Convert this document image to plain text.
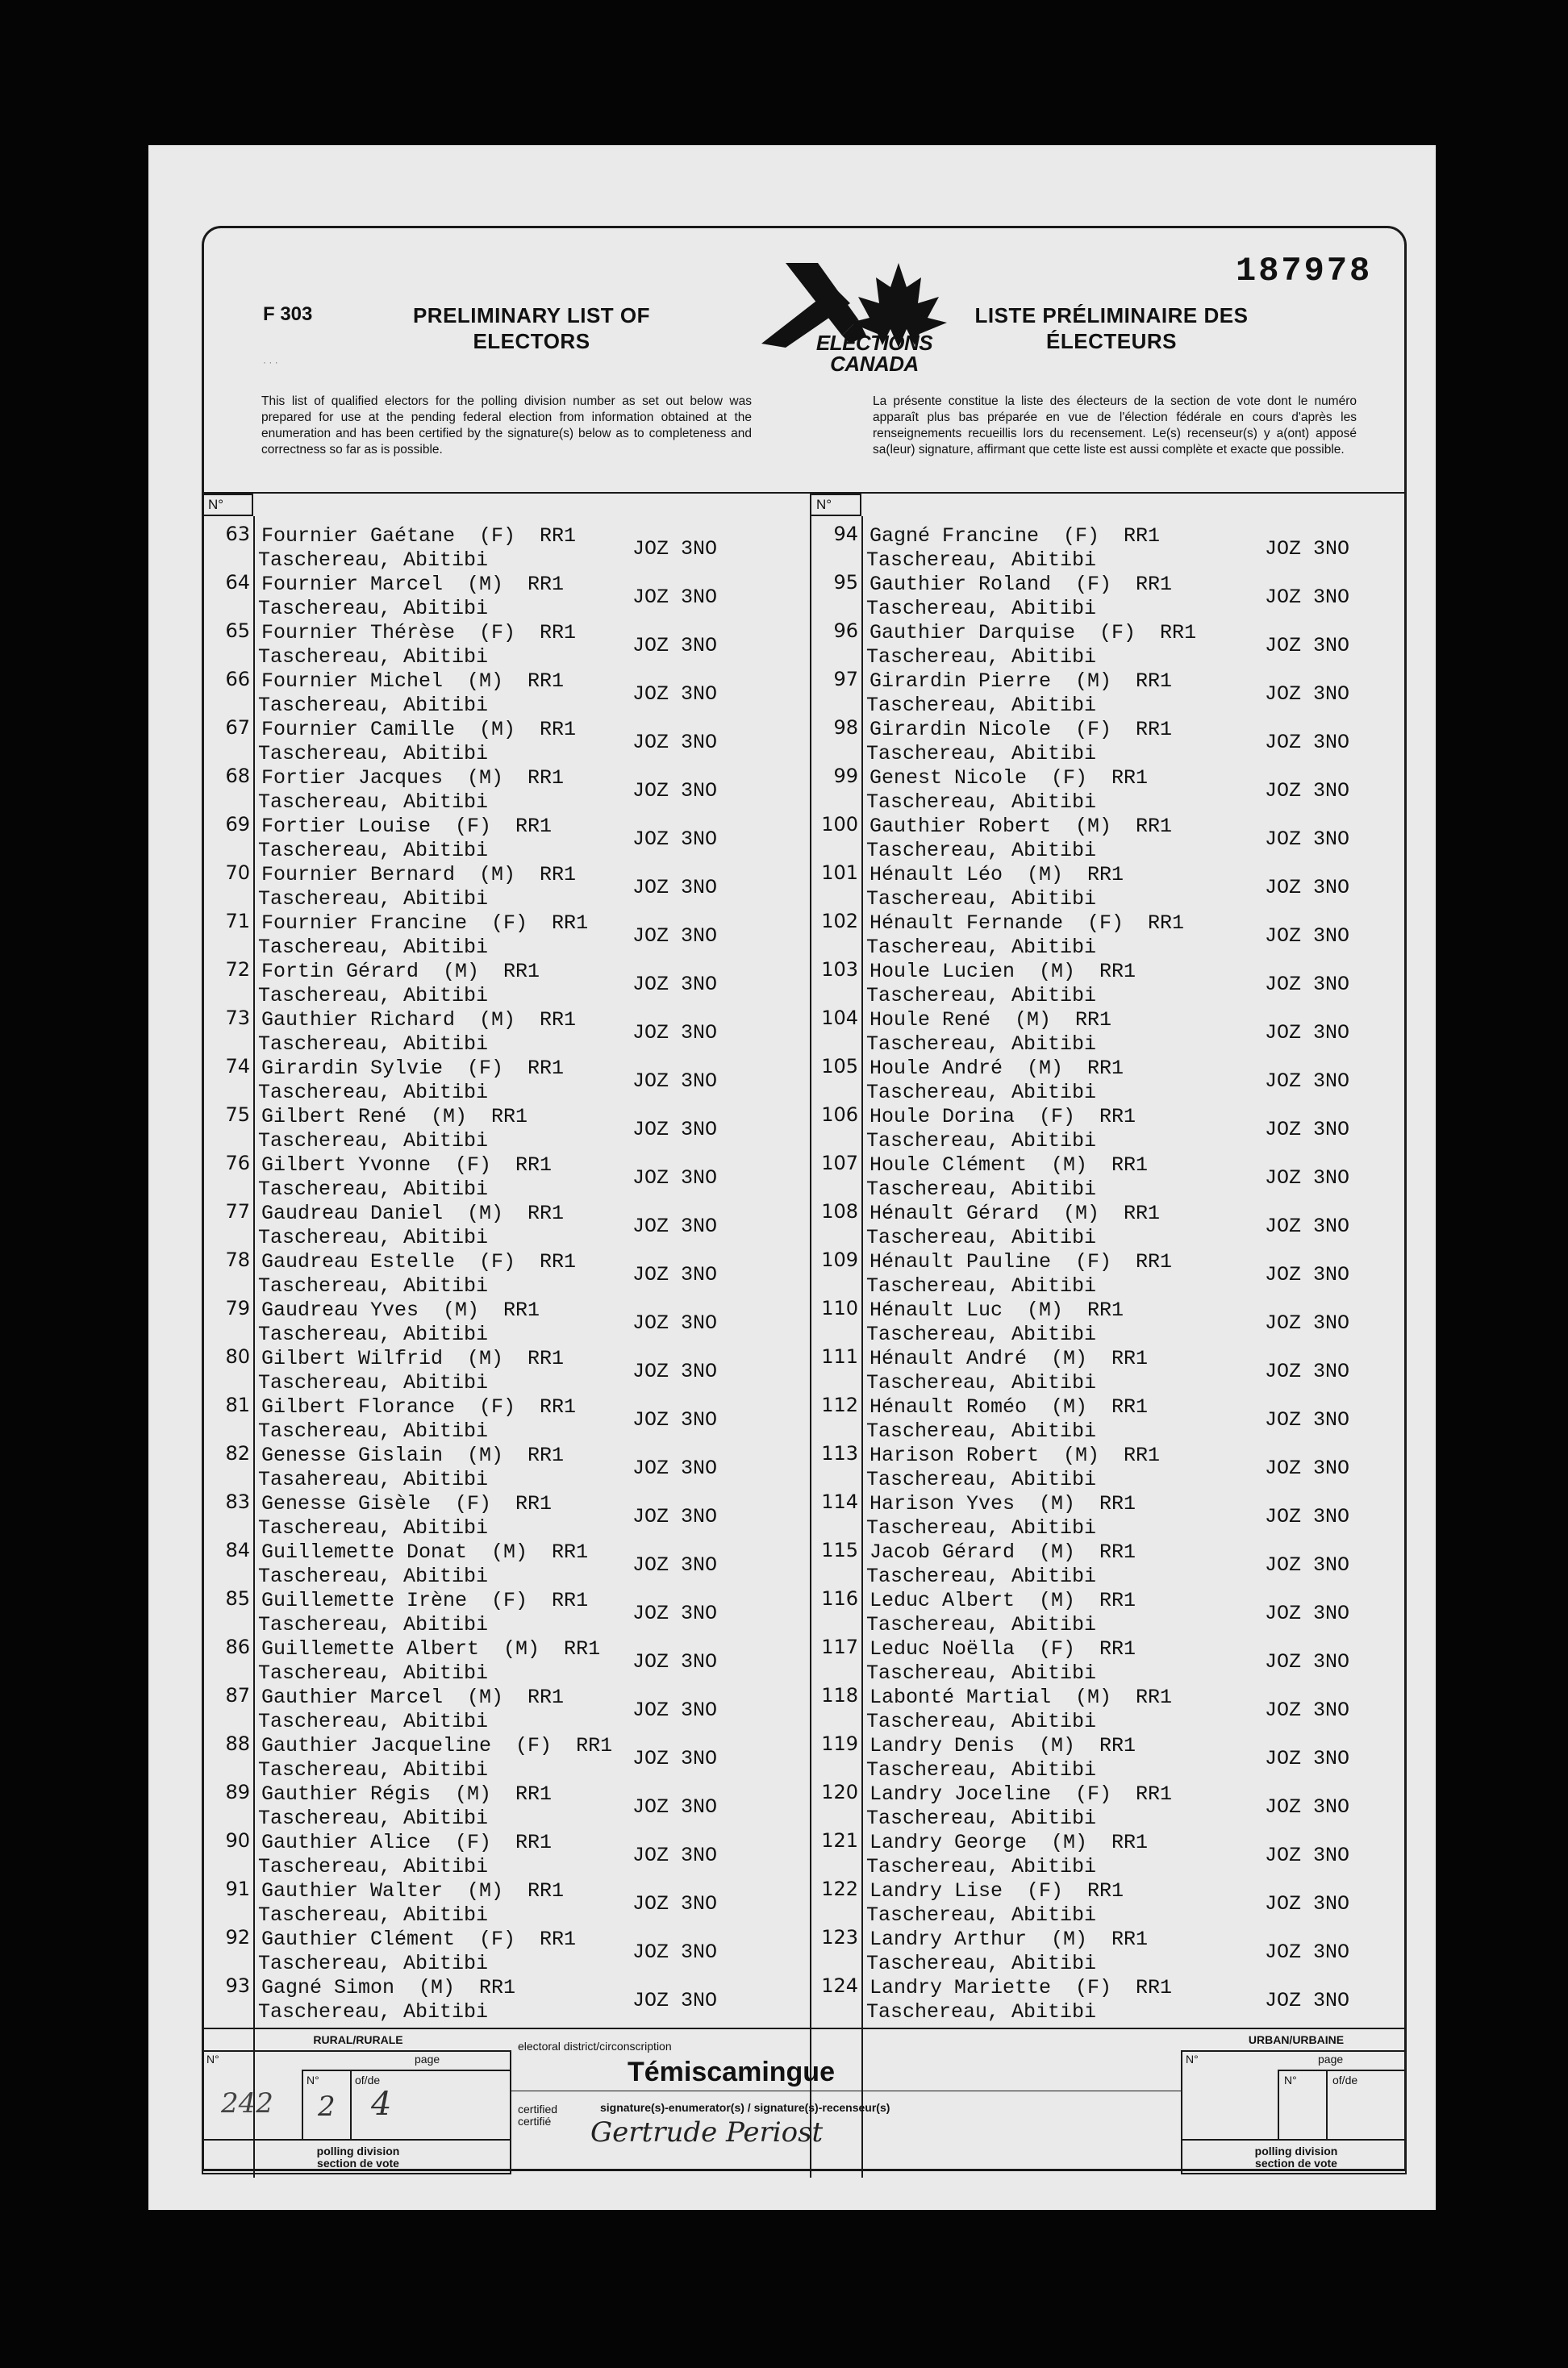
187978
F 303
· · ·
PRELIMINARY LIST OF ELECTORS
LISTE PRÉLIMINAIRE DES ÉLECTEURS
ELECTIONS
CANADA
This list of qualified electors for the polling division number as set out below was prepared for use at the pending federal election from information obtained at the enumeration and has been certified by the signature(s) below as to completeness and correctness so far as is possible.
La présente constitue la liste des électeurs de la section de vote dont le numéro apparaît plus bas préparée en vue de l'élection fédérale en cours d'après les renseignements recueillis lors du recensement. Le(s) recenseur(s) y a(ont) apposé sa(leur) signature, affirmant que cette liste est aussi complète et exacte que possible.
N°	N°
63 Fournier Gaétane  (F)  RR1
Taschereau, Abitibi	JOZ 3NO
64 Fournier Marcel  (M)  RR1
Taschereau, Abitibi	JOZ 3NO
65 Fournier Thérèse  (F)  RR1
Taschereau, Abitibi	JOZ 3NO
66 Fournier Michel  (M)  RR1
Taschereau, Abitibi	JOZ 3NO
67 Fournier Camille  (M)  RR1
Taschereau, Abitibi	JOZ 3NO
68 Fortier Jacques  (M)  RR1
Taschereau, Abitibi	JOZ 3NO
69 Fortier Louise  (F)  RR1
Taschereau, Abitibi	JOZ 3NO
70 Fournier Bernard  (M)  RR1
Taschereau, Abitibi	JOZ 3NO
71 Fournier Francine  (F)  RR1
Taschereau, Abitibi	JOZ 3NO
72 Fortin Gérard  (M)  RR1
Taschereau, Abitibi	JOZ 3NO
73 Gauthier Richard  (M)  RR1
Taschereau, Abitibi	JOZ 3NO
74 Girardin Sylvie  (F)  RR1
Taschereau, Abitibi	JOZ 3NO
75 Gilbert René  (M)  RR1
Taschereau, Abitibi	JOZ 3NO
76 Gilbert Yvonne  (F)  RR1
Taschereau, Abitibi	JOZ 3NO
77 Gaudreau Daniel  (M)  RR1
Taschereau, Abitibi	JOZ 3NO
78 Gaudreau Estelle  (F)  RR1
Taschereau, Abitibi	JOZ 3NO
79 Gaudreau Yves  (M)  RR1
Taschereau, Abitibi	JOZ 3NO
80 Gilbert Wilfrid  (M)  RR1
Taschereau, Abitibi	JOZ 3NO
81 Gilbert Florance  (F)  RR1
Taschereau, Abitibi	JOZ 3NO
82 Genesse Gislain  (M)  RR1
Tasahereau, Abitibi	JOZ 3NO
83 Genesse Gisèle  (F)  RR1
Taschereau, Abitibi	JOZ 3NO
84 Guillemette Donat  (M)  RR1
Taschereau, Abitibi	JOZ 3NO
85 Guillemette Irène  (F)  RR1
Taschereau, Abitibi	JOZ 3NO
86 Guillemette Albert  (M)  RR1
Taschereau, Abitibi	JOZ 3NO
87 Gauthier Marcel  (M)  RR1
Taschereau, Abitibi	JOZ 3NO
88 Gauthier Jacqueline  (F)  RR1
Taschereau, Abitibi	JOZ 3NO
89 Gauthier Régis  (M)  RR1
Taschereau, Abitibi	JOZ 3NO
90 Gauthier Alice  (F)  RR1
Taschereau, Abitibi	JOZ 3NO
91 Gauthier Walter  (M)  RR1
Taschereau, Abitibi	JOZ 3NO
92 Gauthier Clément  (F)  RR1
Taschereau, Abitibi	JOZ 3NO
93 Gagné Simon  (M)  RR1
Taschereau, Abitibi	JOZ 3NO
94 Gagné Francine  (F)  RR1
Taschereau, Abitibi	JOZ 3NO
95 Gauthier Roland  (F)  RR1
Taschereau, Abitibi	JOZ 3NO
96 Gauthier Darquise  (F)  RR1
Taschereau, Abitibi	JOZ 3NO
97 Girardin Pierre  (M)  RR1
Taschereau, Abitibi	JOZ 3NO
98 Girardin Nicole  (F)  RR1
Taschereau, Abitibi	JOZ 3NO
99 Genest Nicole  (F)  RR1
Taschereau, Abitibi	JOZ 3NO
100 Gauthier Robert  (M)  RR1
Taschereau, Abitibi	JOZ 3NO
101 Hénault Léo  (M)  RR1
Taschereau, Abitibi	JOZ 3NO
102 Hénault Fernande  (F)  RR1
Taschereau, Abitibi	JOZ 3NO
103 Houle Lucien  (M)  RR1
Taschereau, Abitibi	JOZ 3NO
104 Houle René  (M)  RR1
Taschereau, Abitibi	JOZ 3NO
105 Houle André  (M)  RR1
Taschereau, Abitibi	JOZ 3NO
106 Houle Dorina  (F)  RR1
Taschereau, Abitibi	JOZ 3NO
107 Houle Clément  (M)  RR1
Taschereau, Abitibi	JOZ 3NO
108 Hénault Gérard  (M)  RR1
Taschereau, Abitibi	JOZ 3NO
109 Hénault Pauline  (F)  RR1
Taschereau, Abitibi	JOZ 3NO
110 Hénault Luc  (M)  RR1
Taschereau, Abitibi	JOZ 3NO
111 Hénault André  (M)  RR1
Taschereau, Abitibi	JOZ 3NO
112 Hénault Roméo  (M)  RR1
Taschereau, Abitibi	JOZ 3NO
113 Harison Robert  (M)  RR1
Taschereau, Abitibi	JOZ 3NO
114 Harison Yves  (M)  RR1
Taschereau, Abitibi	JOZ 3NO
115 Jacob Gérard  (M)  RR1
Taschereau, Abitibi	JOZ 3NO
116 Leduc Albert  (M)  RR1
Taschereau, Abitibi	JOZ 3NO
117 Leduc Noëlla  (F)  RR1
Taschereau, Abitibi	JOZ 3NO
118 Labonté Martial  (M)  RR1
Taschereau, Abitibi	JOZ 3NO
119 Landry Denis  (M)  RR1
Taschereau, Abitibi	JOZ 3NO
120 Landry Joceline  (F)  RR1
Taschereau, Abitibi	JOZ 3NO
121 Landry George  (M)  RR1
Taschereau, Abitibi	JOZ 3NO
122 Landry Lise  (F)  RR1
Taschereau, Abitibi	JOZ 3NO
123 Landry Arthur  (M)  RR1
Taschereau, Abitibi	JOZ 3NO
124 Landry Mariette  (F)  RR1
Taschereau, Abitibi	JOZ 3NO
RURAL/RURALE
N°	page
N°	of/de
242 2 4
polling division
section de vote
electoral district/circonscription
Témiscamingue
certified
certifié
signature(s)-enumerator(s) / signature(s)-recenseur(s)
Gertrude Periost
URBAN/URBAINE
N°	page
N°	of/de
polling division
section de vote
